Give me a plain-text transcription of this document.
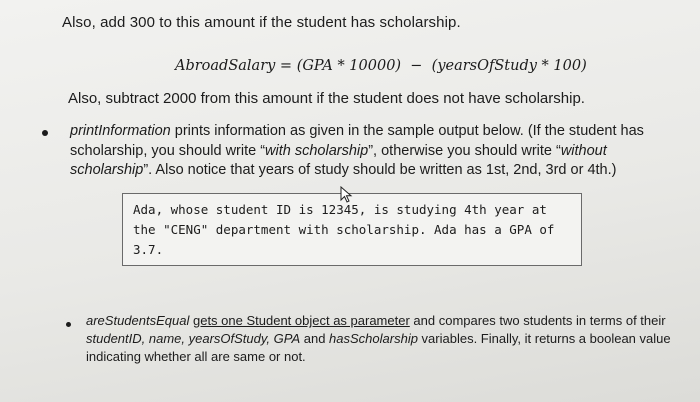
Also, add 300 to this amount if the student has scholarship.
AbroadSalary = (GPA * 10000)  −  (yearsOfStudy * 100)
Also, subtract 2000 from this amount if the student does not have scholarship.
printInformation prints information as given in the sample output below. (If the student has scholarship, you should write “with scholarship”, otherwise you should write “without scholarship”. Also notice that years of study should be written as 1st, 2nd, 3rd or 4th.)
Ada, whose student ID is 12345, is studying 4th year at the "CENG" department with scholarship. Ada has a GPA of 3.7.
areStudentsEqual gets one Student object as parameter and compares two students in terms of their studentID, name, yearsOfStudy, GPA and hasScholarship variables. Finally, it returns a boolean value indicating whether all are same or not.
